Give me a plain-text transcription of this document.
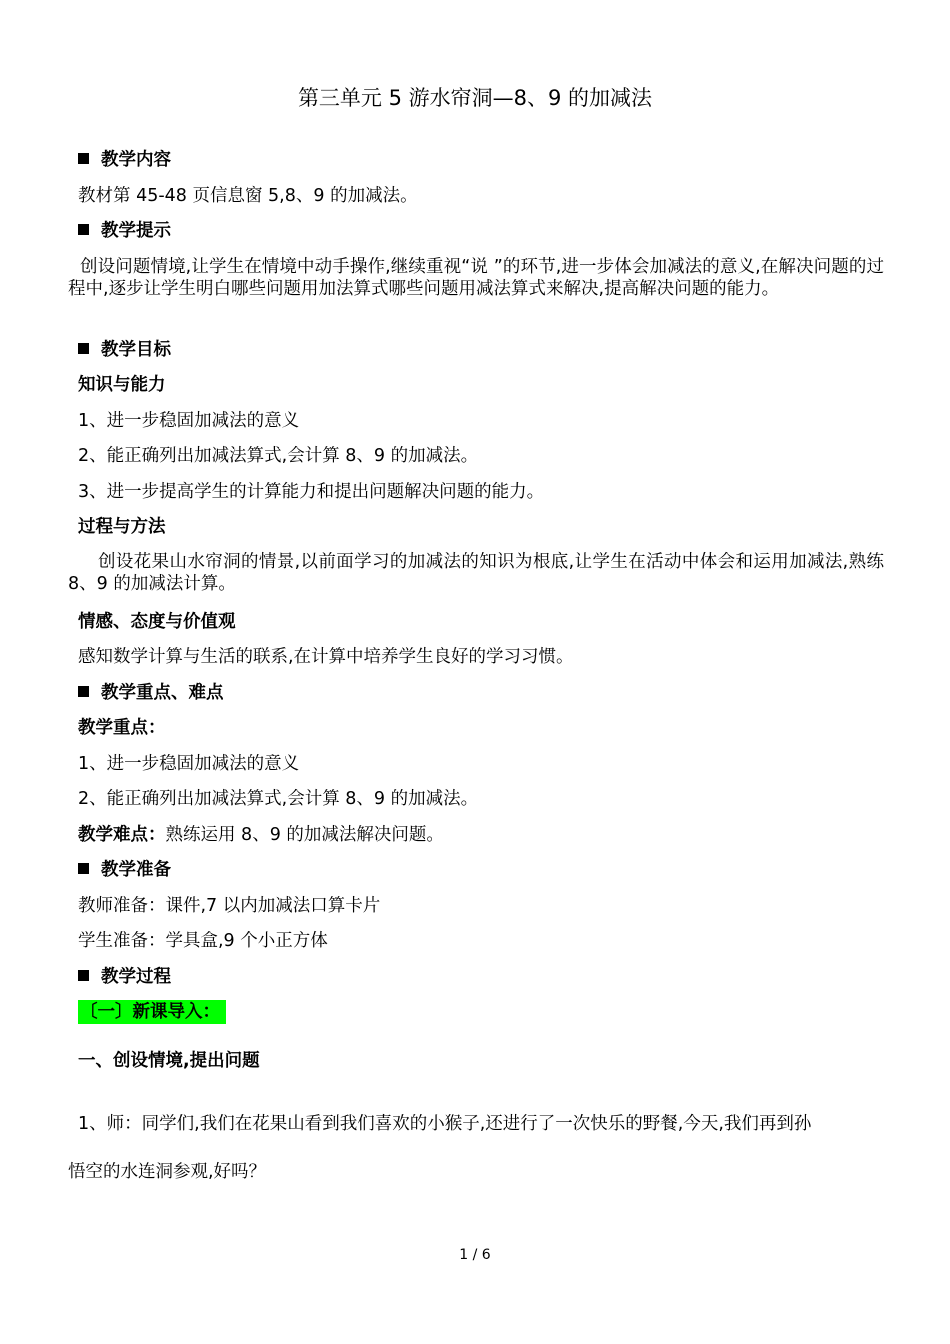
第三单元 5 游水帘洞—8、9 的加减法
教学内容
教材第 45-48 页信息窗 5,8、9 的加减法。
教学提示
创设问题情境,让学生在情境中动手操作,继续重视“说 ”的环节,进一步体会加减法的意义,在解决问题的过程中,逐步让学生明白哪些问题用加法算式哪些问题用减法算式来解决,提高解决问题的能力。
教学目标
知识与能力
1、进一步稳固加减法的意义
2、能正确列出加减法算式,会计算 8、9 的加减法。
3、进一步提高学生的计算能力和提出问题解决问题的能力。
过程与方法
创设花果山水帘洞的情景,以前面学习的加减法的知识为根底,让学生在活动中体会和运用加减法,熟练 8、9 的加减法计算。
情感、态度与价值观
感知数学计算与生活的联系,在计算中培养学生良好的学习习惯。
教学重点、难点
教学重点：
1、进一步稳固加减法的意义
2、能正确列出加减法算式,会计算 8、9 的加减法。
教学难点：熟练运用 8、9 的加减法解决问题。
教学准备
教师准备：课件,7 以内加减法口算卡片
学生准备：学具盒,9 个小正方体
教学过程
〔一〕新课导入：
一、创设情境,提出问题
1、师：同学们,我们在花果山看到我们喜欢的小猴子,还进行了一次快乐的野餐,今天,我们再到孙
悟空的水连洞参观,好吗？
1 / 6
